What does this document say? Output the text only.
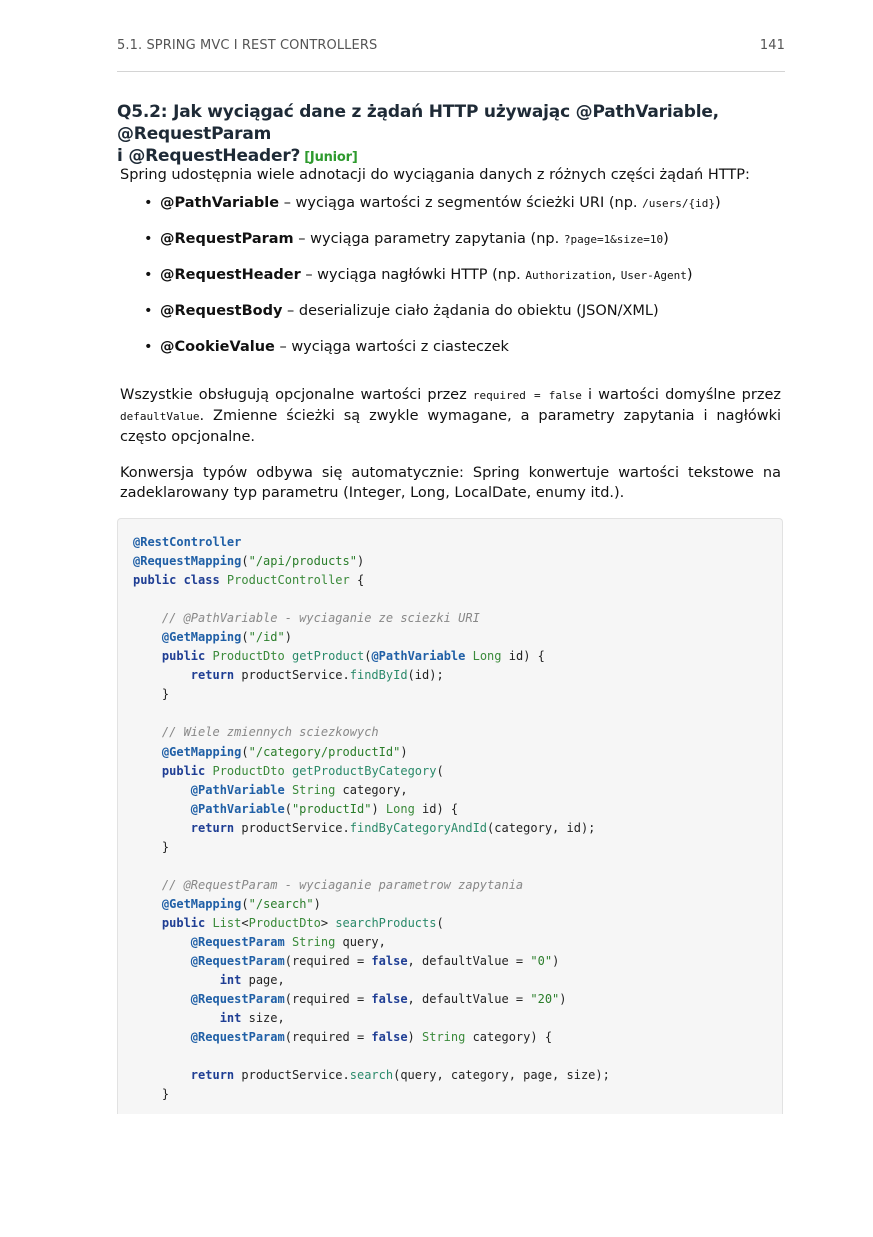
5.1. SPRING MVC I REST CONTROLLERS	141
Q5.2: Jak wyciągać dane z żądań HTTP używając @PathVariable, @RequestParam
i @RequestHeader? [Junior]

Spring udostępnia wiele adnotacji do wyciągania danych z różnych części żądań HTTP:

• @PathVariable – wyciąga wartości z segmentów ścieżki URI (np. /users/{id})
• @RequestParam – wyciąga parametry zapytania (np. ?page=1&size=10)
• @RequestHeader – wyciąga nagłówki HTTP (np. Authorization, User-Agent)
• @RequestBody – deserializuje ciało żądania do obiektu (JSON/XML)
• @CookieValue – wyciąga wartości z ciasteczek

Wszystkie obsługują opcjonalne wartości przez required = false i wartości domyślne przez defaultValue. Zmienne ścieżki są zwykle wymagane, a parametry zapytania i nagłówki często opcjonalne.

Konwersja typów odbywa się automatycznie: Spring konwertuje wartości tekstowe na zadeklarowany typ parametru (Integer, Long, LocalDate, enumy itd.).

@RestController
@RequestMapping("/api/products")
public class ProductController {

// @PathVariable - wyciaganie ze sciezki URI
@GetMapping("/id")
public ProductDto getProduct(@PathVariable Long id) {
return productService.findById(id);
}

// Wiele zmiennych sciezkowych
@GetMapping("/category/productId")
public ProductDto getProductByCategory(
@PathVariable String category,
@PathVariable("productId") Long id) {
return productService.findByCategoryAndId(category, id);
}

// @RequestParam - wyciaganie parametrow zapytania
@GetMapping("/search")
public List<ProductDto> searchProducts(
@RequestParam String query,
@RequestParam(required = false, defaultValue = "0")
int page,
@RequestParam(required = false, defaultValue = "20")
int size,
@RequestParam(required = false) String category) {

return productService.search(query, category, page, size);
}
